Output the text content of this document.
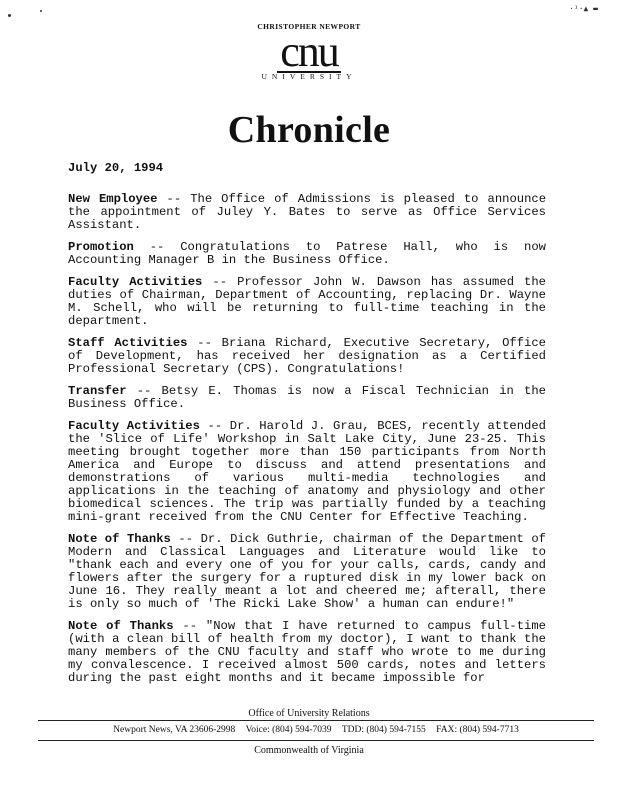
·¹·▲ ▬
CHRISTOPHER NEWPORT
cnu
UNIVERSITY
Chronicle
July 20, 1994

New Employee -- The Office of Admissions is pleased to announce the appointment of Juley Y. Bates to serve as Office Services Assistant.

Promotion -- Congratulations to Patrese Hall, who is now Accounting Manager B in the Business Office.

Faculty Activities -- Professor John W. Dawson has assumed the duties of Chairman, Department of Accounting, replacing Dr. Wayne M. Schell, who will be returning to full-time teaching in the department.

Staff Activities -- Briana Richard, Executive Secretary, Office of Development, has received her designation as a Certified Professional Secretary (CPS). Congratulations!

Transfer -- Betsy E. Thomas is now a Fiscal Technician in the Business Office.

Faculty Activities -- Dr. Harold J. Grau, BCES, recently attended the 'Slice of Life' Workshop in Salt Lake City, June 23-25. This meeting brought together more than 150 participants from North America and Europe to discuss and attend presentations and demonstrations of various multi-media technologies and applications in the teaching of anatomy and physiology and other biomedical sciences. The trip was partially funded by a teaching mini-grant received from the CNU Center for Effective Teaching.

Note of Thanks -- Dr. Dick Guthrie, chairman of the Department of Modern and Classical Languages and Literature would like to "thank each and every one of you for your calls, cards, candy and flowers after the surgery for a ruptured disk in my lower back on June 16. They really meant a lot and cheered me; afterall, there is only so much of 'The Ricki Lake Show' a human can endure!"

Note of Thanks -- "Now that I have returned to campus full-time (with a clean bill of health from my doctor), I want to thank the many members of the CNU faculty and staff who wrote to me during my convalescence. I received almost 500 cards, notes and letters during the past eight months and it became impossible for

Office of University Relations
Newport News, VA 23606-2998 Voice: (804) 594-7039 TDD: (804) 594-7155 FAX: (804) 594-7713
Commonwealth of Virginia
